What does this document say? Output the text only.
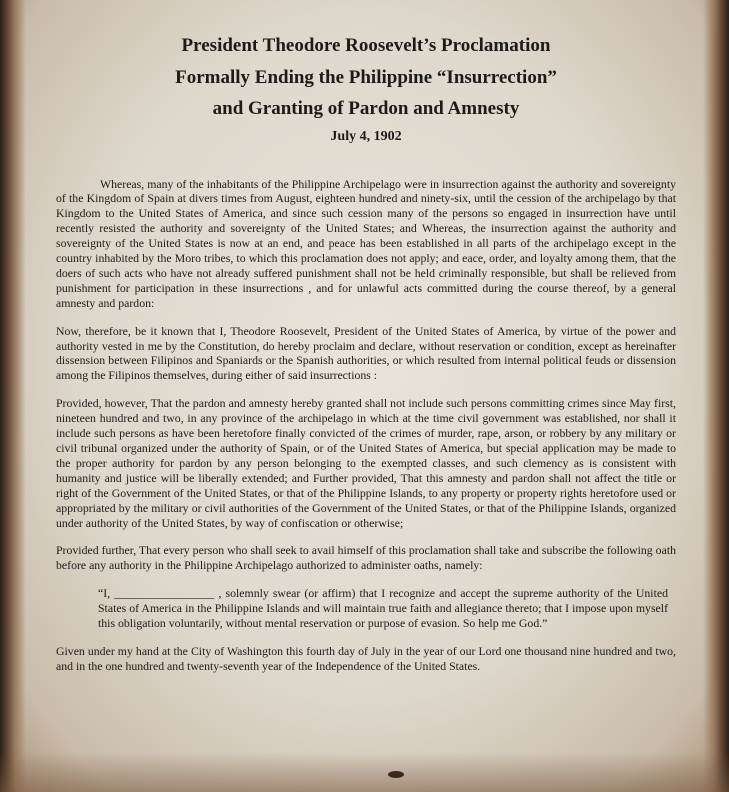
President Theodore Roosevelt’s Proclamation
Formally Ending the Philippine “Insurrection”
and Granting of Pardon and Amnesty
July 4, 1902

Whereas, many of the inhabitants of the Philippine Archipelago were in insurrection against the authority and sovereignty of the Kingdom of Spain at divers times from August, eighteen hundred and ninety-six, until the cession of the archipelago by that Kingdom to the United States of America, and since such cession many of the persons so engaged in insurrection have until recently resisted the authority and sovereignty of the United States; and Whereas, the insurrection against the authority and sovereignty of the United States is now at an end, and peace has been established in all parts of the archipelago except in the country inhabited by the Moro tribes, to which this proclamation does not apply; and eace, order, and loyalty among them, that the doers of such acts who have not already suffered punishment shall not be held criminally responsible, but shall be relieved from punishment for participation in these insurrections , and for unlawful acts committed during the course thereof, by a general amnesty and pardon:

Now, therefore, be it known that I, Theodore Roosevelt, President of the United States of America, by virtue of the power and authority vested in me by the Constitution, do hereby proclaim and declare, without reservation or condition, except as hereinafter dissension between Filipinos and Spaniards or the Spanish authorities, or which resulted from internal political feuds or dissension among the Filipinos themselves, during either of said insurrections :

Provided, however, That the pardon and amnesty hereby granted shall not include such persons committing crimes since May first, nineteen hundred and two, in any province of the archipelago in which at the time civil government was established, nor shall it include such persons as have been heretofore finally convicted of the crimes of murder, rape, arson, or robbery by any military or civil tribunal organized under the authority of Spain, or of the United States of America, but special application may be made to the proper authority for pardon by any person belonging to the exempted classes, and such clemency as is consistent with humanity and justice will be liberally extended; and Further provided, That this amnesty and pardon shall not affect the title or right of the Government of the United States, or that of the Philippine Islands, to any property or property rights heretofore used or appropriated by the military or civil authorities of the Government of the United States, or that of the Philippine Islands, organized under authority of the United States, by way of confiscation or otherwise;

Provided further, That every person who shall seek to avail himself of this proclamation shall take and subscribe the following oath before any authority in the Philippine Archipelago authorized to administer oaths, namely:

“I, _________________ , solemnly swear (or affirm) that I recognize and accept the supreme authority of the United States of America in the Philippine Islands and will maintain true faith and allegiance thereto; that I impose upon myself this obligation voluntarily, without mental reservation or purpose of evasion. So help me God.”

Given under my hand at the City of Washington this fourth day of July in the year of our Lord one thousand nine hundred and two, and in the one hundred and twenty-seventh year of the Independence of the United States.
